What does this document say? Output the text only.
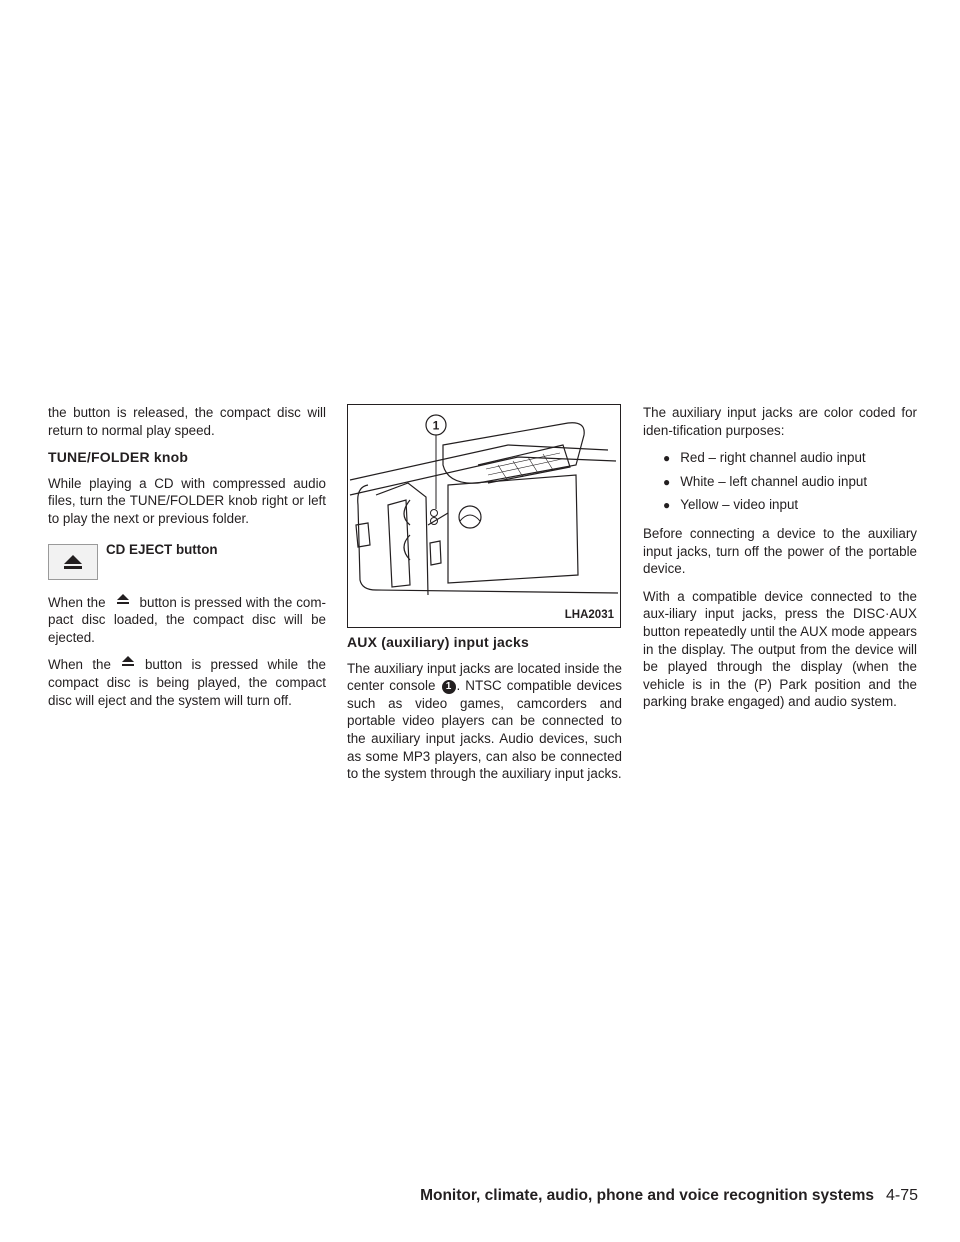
the button is released, the compact disc will return to normal play speed.

TUNE/FOLDER knob

While playing a CD with compressed audio files, turn the TUNE/FOLDER knob right or left to play the next or previous folder.

CD EJECT button

When the	button is pressed with the com-pact disc loaded, the compact disc will be ejected.

When the	button is pressed while the compact disc is being played, the compact disc will eject and the system will turn off.

1
LHA2031
AUX (auxiliary) input jacks

The auxiliary input jacks are located inside the center console 1 . NTSC compatible devices such as video games, camcorders and portable video players can be connected to the auxiliary input jacks. Audio devices, such as some MP3 players, can also be connected to the system through the auxiliary input jacks.

The auxiliary input jacks are color coded for iden-tification purposes:

● Red – right channel audio input
● White – left channel audio input
● Yellow – video input

Before connecting a device to the auxiliary input jacks, turn off the power of the portable device.

With a compatible device connected to the aux-iliary input jacks, press the DISC·AUX button repeatedly until the AUX mode appears in the display. The output from the device will be played through the display (when the vehicle is in the (P) Park position and the parking brake engaged) and audio system.

Monitor, climate, audio, phone and voice recognition systems 4-75
